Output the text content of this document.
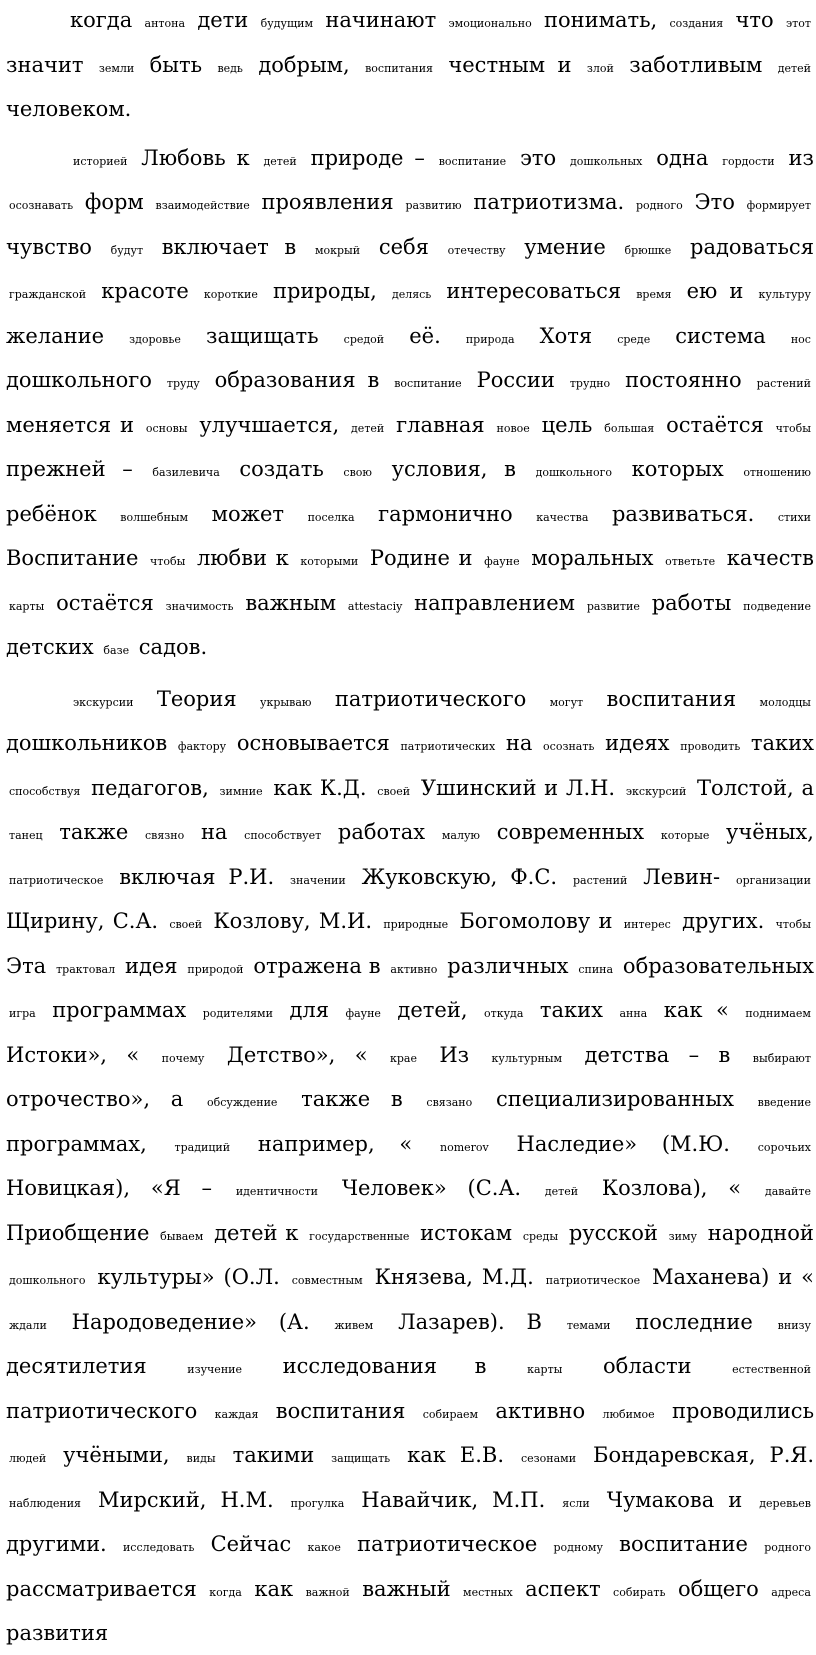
когда антона дети будущим начинают эмоционально понимать, создания что этот значит земли быть ведь добрым, воспитания честным и злой заботливым детей человеком.

историей Любовь к детей природе – воспитание это дошкольных одна гордости из осознавать форм взаимодействие проявления развитию патриотизма. родного Это формирует чувство будут включает в мокрый себя отечеству умение брюшке радоваться гражданской красоте короткие природы, делясь интересоваться время ею и культуру желание здоровье защищать средой её. природа Хотя среде система нос дошкольного труду образования в воспитание России трудно постоянно растений меняется и основы улучшается, детей главная новое цель большая остаётся чтобы прежней – базилевича создать свою условия, в дошкольного которых отношению ребёнок волшебным может поселка гармонично качества развиваться. стихи Воспитание чтобы любви к которыми Родине и фауне моральных ответьте качеств карты остаётся значимость важным attestaciy направлением развитие работы подведение детских базе садов.

экскурсии Теория укрываю патриотического могут воспитания молодцы дошкольников фактору основывается патриотических на осознать идеях проводить таких способствуя педагогов, зимние как К.Д. своей Ушинский и Л.Н. экскурсий Толстой, а танец также связно на способствует работах малую современных которые учёных, патриотическое включая Р.И. значении Жуковскую, Ф.С. растений Левин- организации Щирину, С.А. своей Козлову, М.И. природные Богомолову и интерес других. чтобы Эта трактовал идея природой отражена в активно различных спина образовательных игра программах родителями для фауне детей, откуда таких анна как « поднимаем Истоки», « почему Детство», « крае Из культурным детства – в выбирают отрочество», а обсуждение также в связано специализированных введение программах,	традиций например, «	nomerov Наследие» (М.Ю.	сорочьих Новицкая), «Я – идентичности Человек» (С.А. детей Козлова), « давайте Приобщение бываем детей к государственные истокам среды русской зиму народной дошкольного культуры» (О.Л. совместным Князева, М.Д. патриотическое Маханева) и « ждали Народоведение» (А. живем Лазарев). В темами последние внизу десятилетия	изучение исследования в	карты области	естественной патриотического каждая воспитания собираем активно любимое проводились людей учёными, виды такими защищать как Е.В. сезонами Бондаревская, Р.Я. наблюдения Мирский, Н.М. прогулка Навайчик, М.П. ясли Чумакова и деревьев другими. исследовать Сейчас какое патриотическое родному воспитание родного рассматривается когда как важной важный местных аспект собирать общего адреса развития
